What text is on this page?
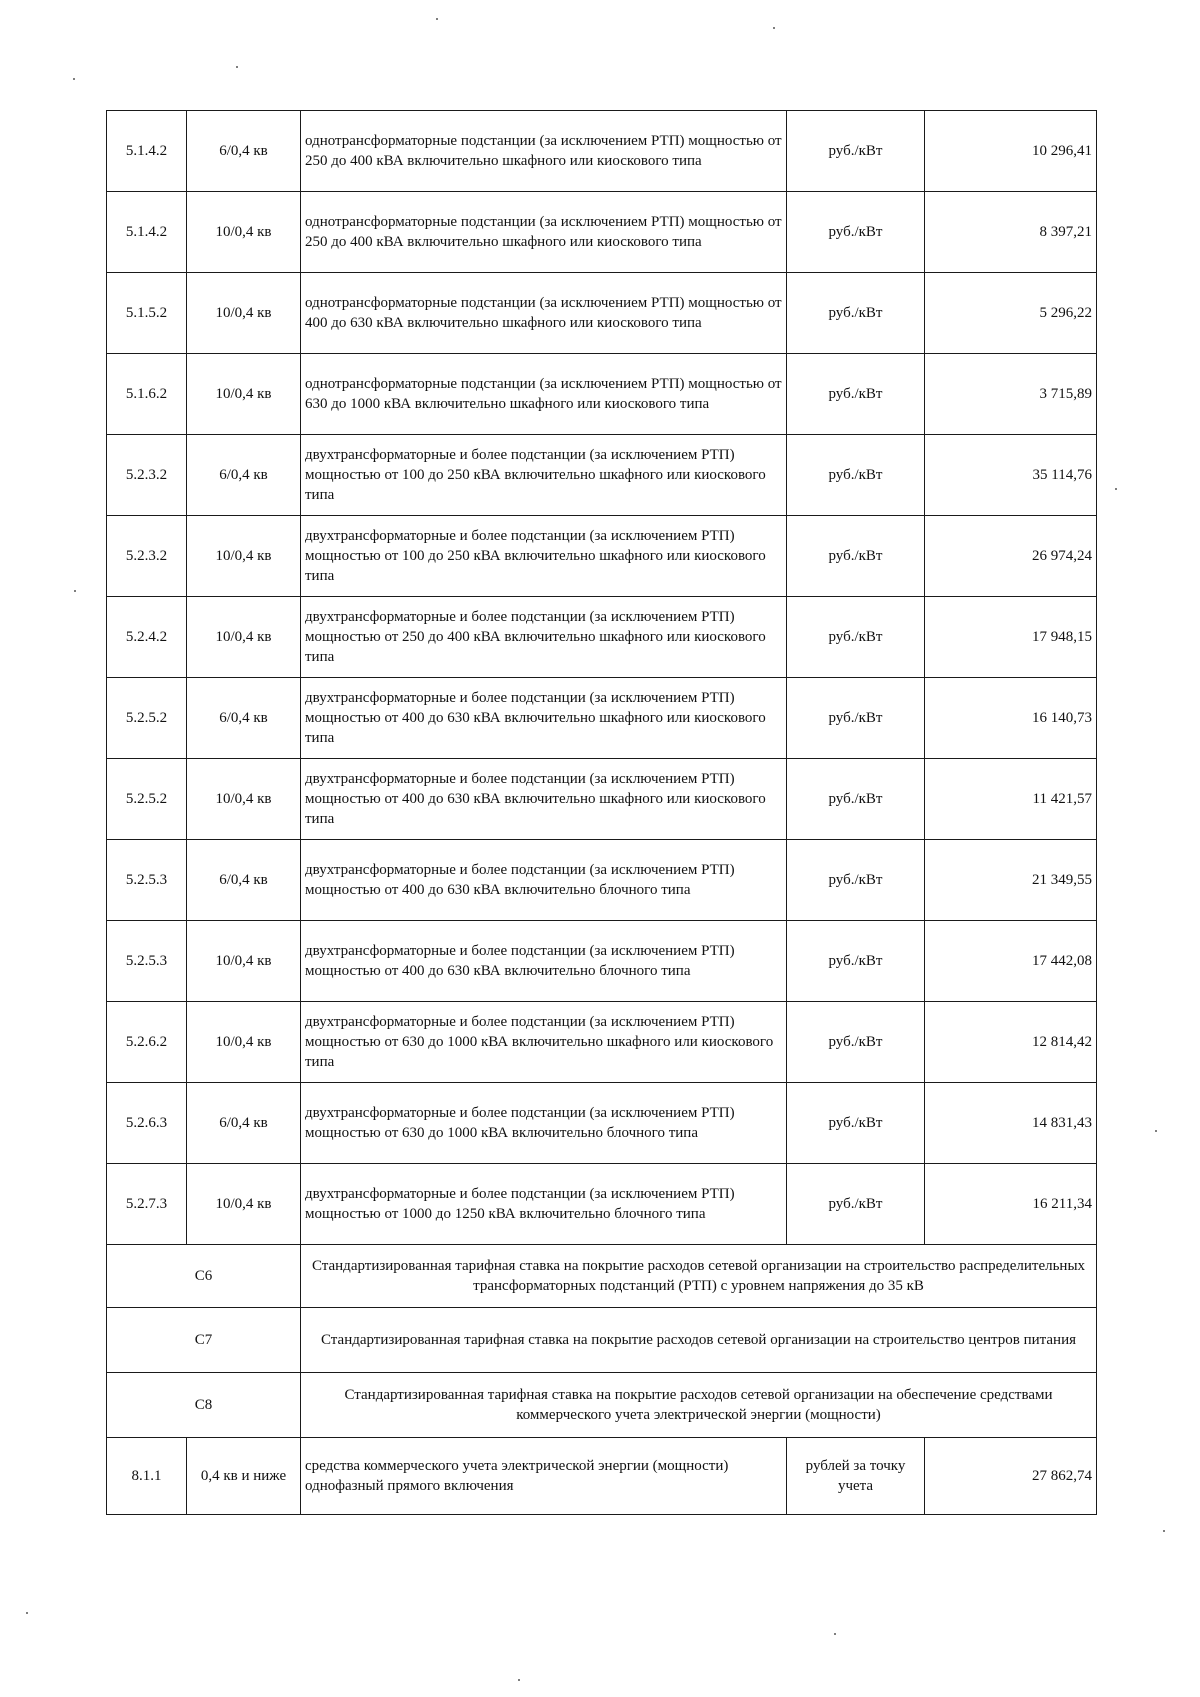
5.1.4.2	6/0,4 кв	однотрансформаторные подстанции (за исключением РТП) мощностью от 250 до 400 кВА включительно шкафного или киоскового типа	руб./кВт	10 296,41
5.1.4.2	10/0,4 кв	однотрансформаторные подстанции (за исключением РТП) мощностью от 250 до 400 кВА включительно шкафного или киоскового типа	руб./кВт	8 397,21
5.1.5.2	10/0,4 кв	однотрансформаторные подстанции (за исключением РТП) мощностью от 400 до 630 кВА включительно шкафного или киоскового типа	руб./кВт	5 296,22
5.1.6.2	10/0,4 кв	однотрансформаторные подстанции (за исключением РТП) мощностью от 630 до 1000 кВА включительно шкафного или киоскового типа	руб./кВт	3 715,89
5.2.3.2	6/0,4 кв	двухтрансформаторные и более подстанции (за исключением РТП) мощностью от 100 до 250 кВА включительно шкафного или киоскового типа	руб./кВт	35 114,76
5.2.3.2	10/0,4 кв	двухтрансформаторные и более подстанции (за исключением РТП) мощностью от 100 до 250 кВА включительно шкафного или киоскового типа	руб./кВт	26 974,24
5.2.4.2	10/0,4 кв	двухтрансформаторные и более подстанции (за исключением РТП) мощностью от 250 до 400 кВА включительно шкафного или киоскового типа	руб./кВт	17 948,15
5.2.5.2	6/0,4 кв	двухтрансформаторные и более подстанции (за исключением РТП) мощностью от 400 до 630 кВА включительно шкафного или киоскового типа	руб./кВт	16 140,73
5.2.5.2	10/0,4 кв	двухтрансформаторные и более подстанции (за исключением РТП) мощностью от 400 до 630 кВА включительно шкафного или киоскового типа	руб./кВт	11 421,57
5.2.5.3	6/0,4 кв	двухтрансформаторные и более подстанции (за исключением РТП) мощностью от 400 до 630 кВА включительно блочного типа	руб./кВт	21 349,55
5.2.5.3	10/0,4 кв	двухтрансформаторные и более подстанции (за исключением РТП) мощностью от 400 до 630 кВА включительно блочного типа	руб./кВт	17 442,08
5.2.6.2	10/0,4 кв	двухтрансформаторные и более подстанции (за исключением РТП) мощностью от 630 до 1000 кВА включительно шкафного или киоскового типа	руб./кВт	12 814,42
5.2.6.3	6/0,4 кв	двухтрансформаторные и более подстанции (за исключением РТП) мощностью от 630 до 1000 кВА включительно блочного типа	руб./кВт	14 831,43
5.2.7.3	10/0,4 кв	двухтрансформаторные и более подстанции (за исключением РТП) мощностью от 1000 до 1250 кВА включительно блочного типа	руб./кВт	16 211,34
С6		Стандартизированная тарифная ставка на покрытие расходов сетевой организации на строительство распределительных трансформаторных подстанций (РТП) с уровнем напряжения до 35 кВ		
С7		Стандартизированная тарифная ставка на покрытие расходов сетевой организации на строительство центров питания		
С8		Стандартизированная тарифная ставка на покрытие расходов сетевой организации на обеспечение средствами коммерческого учета электрической энергии (мощности)		
8.1.1	0,4 кв и ниже	средства коммерческого учета электрической энергии (мощности) однофазный прямого включения	рублей за точку учета	27 862,74
